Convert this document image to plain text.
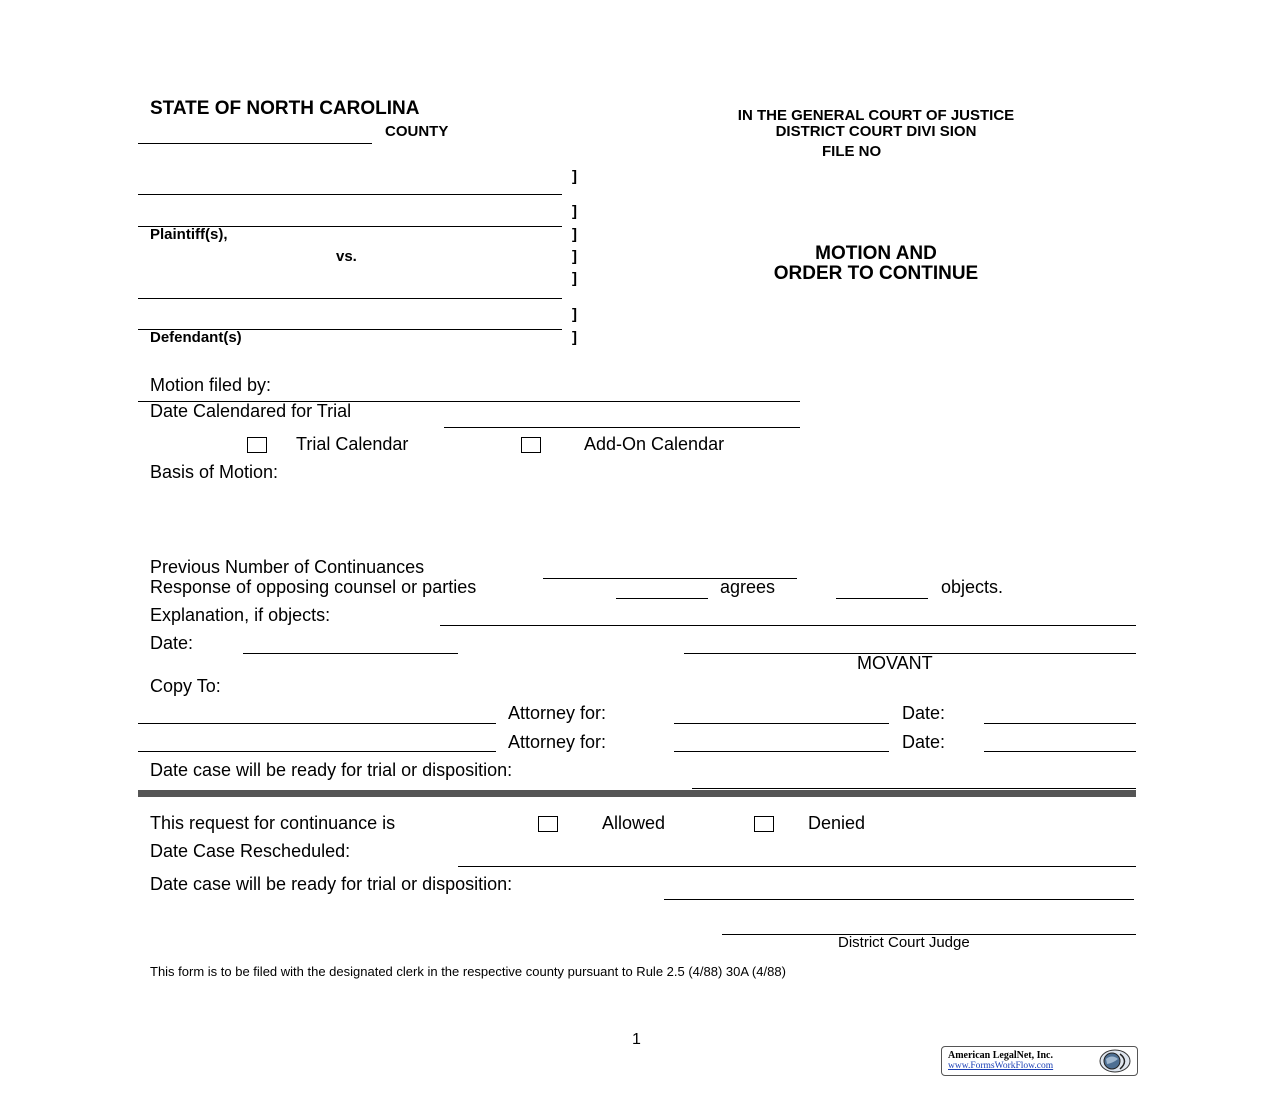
STATE OF NORTH CAROLINA
COUNTY
IN THE GENERAL COURT OF JUSTICE
DISTRICT COURT DIVI SION
FILE NO
Plaintiff(s),
vs.
Defendant(s)
]
]
]
]
]
]
]
MOTION AND
ORDER TO CONTINUE
Motion filed by:
Date Calendared for Trial
Trial Calendar	Add-On Calendar
Basis of Motion:
Previous Number of Continuances
Response of opposing counsel or parties	agrees	objects.
Explanation, if objects:
Date:
MOVANT
Copy To:
Attorney for:	Date:
Attorney for:	Date:
Date case will be ready for trial or disposition:
This request for continuance is	Allowed	Denied
Date Case Rescheduled:
Date case will be ready for trial or disposition:
District Court Judge
This form is to be filed with the designated clerk in the respective county pursuant to Rule 2.5 (4/88) 30A (4/88)
1
American LegalNet, Inc.
www.FormsWorkFlow.com
